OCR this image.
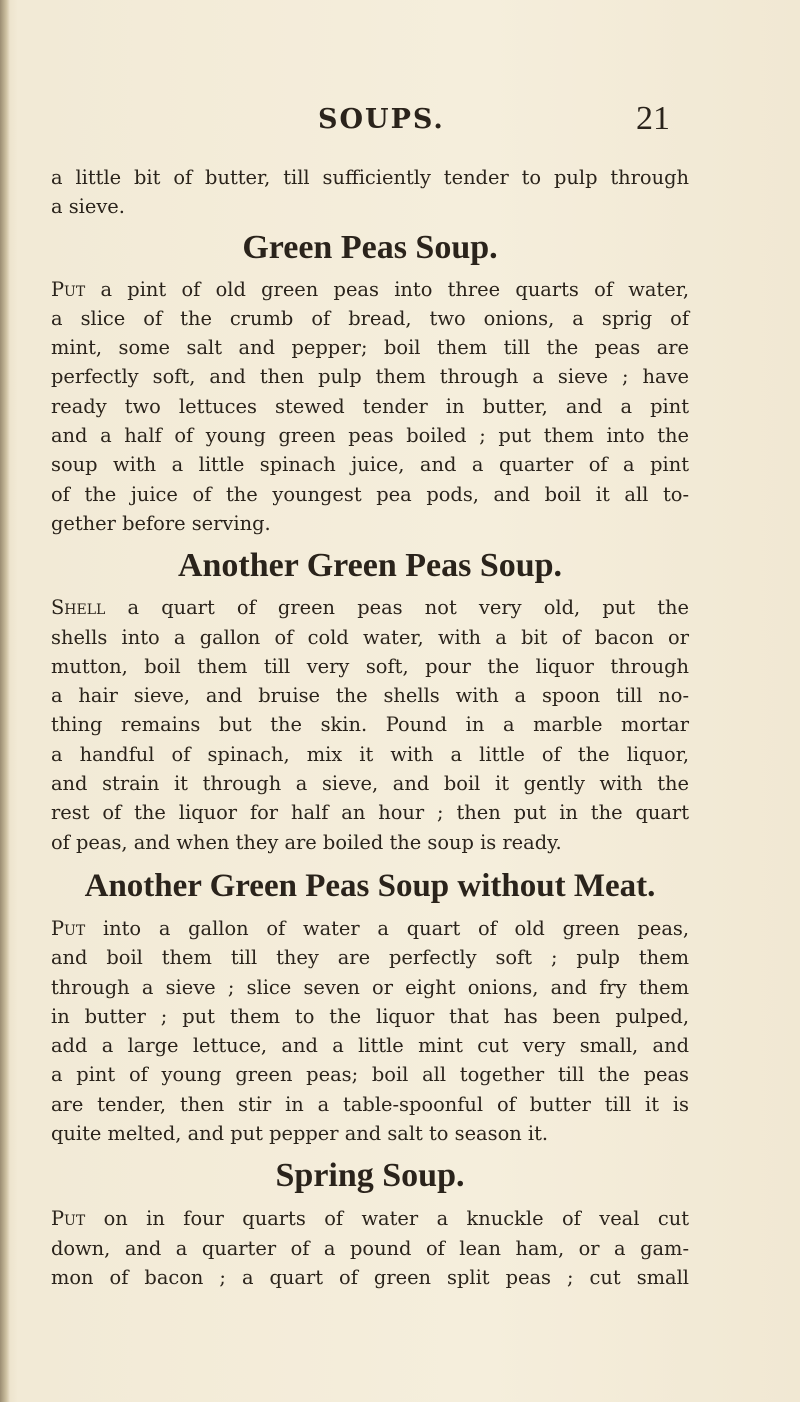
SOUPS.	21

a little bit of butter, till sufficiently tender to pulp through
a sieve.

Green Peas Soup.

Put a pint of old green peas into three quarts of water,
a slice of the crumb of bread, two onions, a sprig of
mint, some salt and pepper; boil them till the peas are
perfectly soft, and then pulp them through a sieve ; have
ready two lettuces stewed tender in butter, and a pint
and a half of young green peas boiled ; put them into the
soup with a little spinach juice, and a quarter of a pint
of the juice of the youngest pea pods, and boil it all to-
gether before serving.

Another Green Peas Soup.

Shell a quart of green peas not very old, put the
shells into a gallon of cold water, with a bit of bacon or
mutton, boil them till very soft, pour the liquor through
a hair sieve, and bruise the shells with a spoon till no-
thing remains but the skin. Pound in a marble mortar
a handful of spinach, mix it with a little of the liquor,
and strain it through a sieve, and boil it gently with the
rest of the liquor for half an hour ; then put in the quart
of peas, and when they are boiled the soup is ready.

Another Green Peas Soup without Meat.

Put into a gallon of water a quart of old green peas,
and boil them till they are perfectly soft ; pulp them
through a sieve ; slice seven or eight onions, and fry them
in butter ; put them to the liquor that has been pulped,
add a large lettuce, and a little mint cut very small, and
a pint of young green peas; boil all together till the peas
are tender, then stir in a table-spoonful of butter till it is
quite melted, and put pepper and salt to season it.

Spring Soup.

Put on in four quarts of water a knuckle of veal cut
down, and a quarter of a pound of lean ham, or a gam-
mon of bacon ; a quart of green split peas ; cut small
